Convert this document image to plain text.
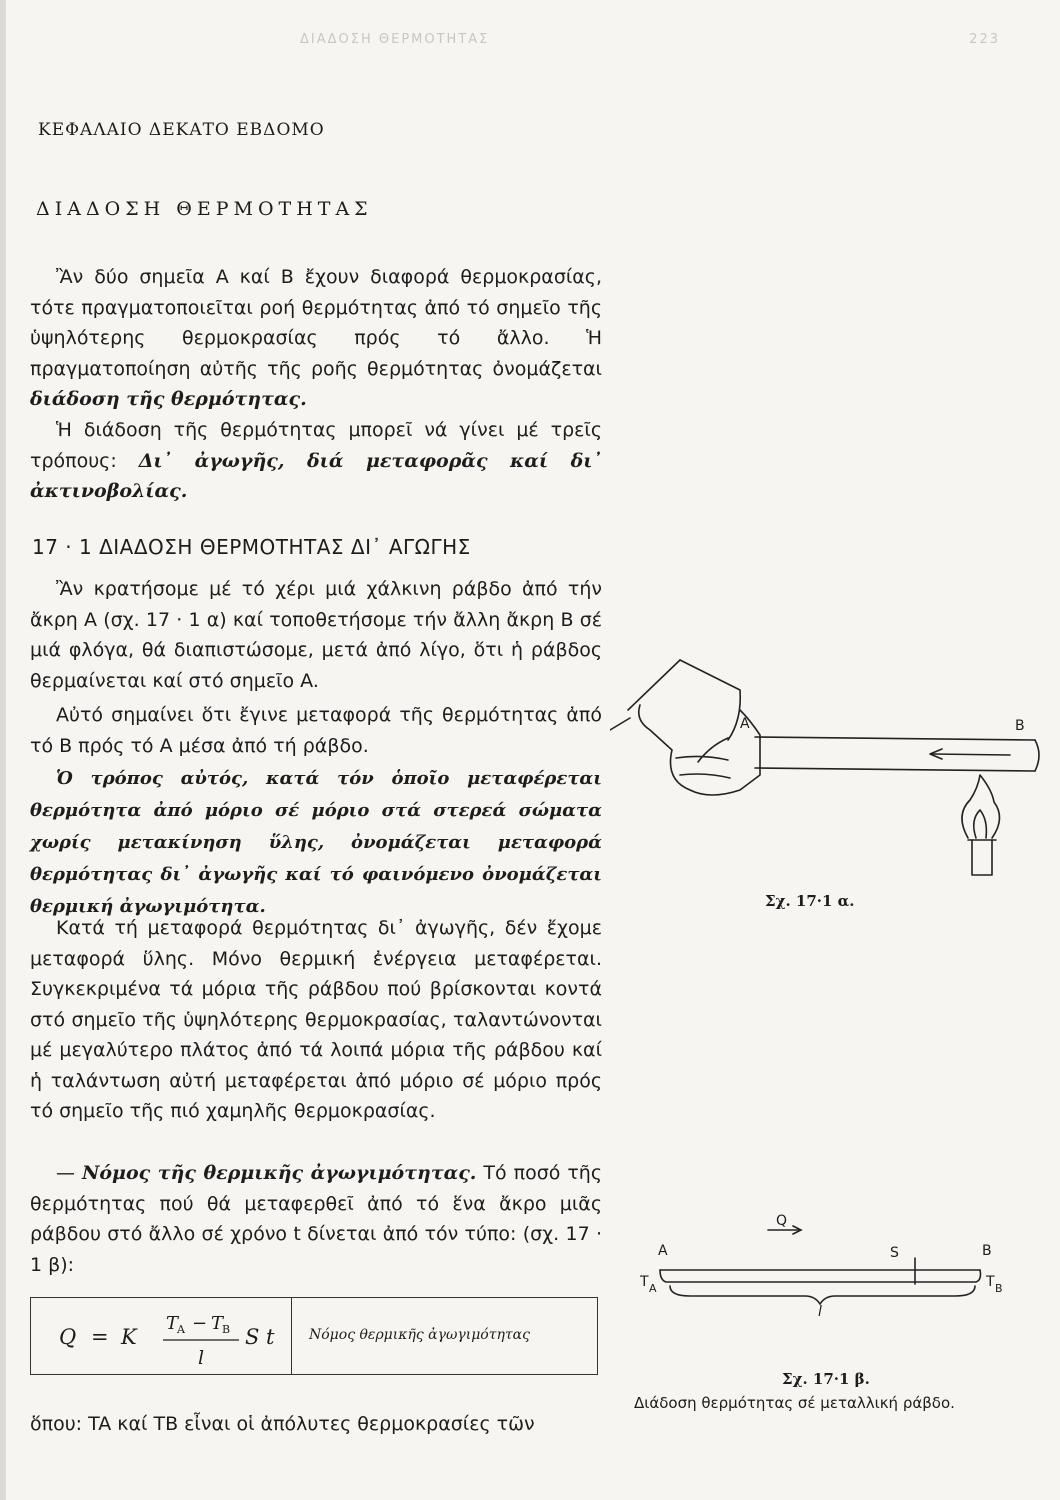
ΔΙΑΔΟΣΗ ΘΕΡΜΟΤΗΤΑΣ	223
ΚΕΦΑΛΑΙΟ ΔΕΚΑΤΟ ΕΒΔΟΜΟ
ΔΙΑΔΟΣΗ ΘΕΡΜΟΤΗΤΑΣ

Ἂν δύο σημεῖα A καί B ἔχουν διαφορά θερμοκρασίας, τότε πραγματοποιεῖται ροή θερμότητας ἀπό τό σημεῖο τῆς ὑψηλότερης θερμοκρασίας πρός τό ἄλλο. Ἡ πραγματοποίηση αὐτῆς τῆς ροῆς θερμότητας ὀνομάζεται διάδοση τῆς θερμότητας.

Ἡ διάδοση τῆς θερμότητας μπορεῖ νά γίνει μέ τρεῖς τρόπους: Δι᾿ ἀγωγῆς, διά μεταφορᾶς καί δι᾿ ἀκτινοβολίας.

17 · 1 ΔΙΑΔΟΣΗ ΘΕΡΜΟΤΗΤΑΣ ΔΙ᾿ ΑΓΩΓΗΣ

Ἂν κρατήσομε μέ τό χέρι μιά χάλκινη ράβδο ἀπό τήν ἄκρη A (σχ. 17 · 1 α) καί τοποθετήσομε τήν ἄλλη ἄκρη B σέ μιά φλόγα, θά διαπιστώσομε, μετά ἀπό λίγο, ὅτι ἡ ράβδος θερμαίνεται καί στό σημεῖο A.

Αὐτό σημαίνει ὅτι ἔγινε μεταφορά τῆς θερμότητας ἀπό τό B πρός τό A μέσα ἀπό τή ράβδο.

Ὁ τρόπος αὐτός, κατά τόν ὁποῖο μεταφέρεται θερμότητα ἀπό μόριο σέ μόριο στά στερεά σώματα χωρίς μετακίνηση ὕλης, ὀνομάζεται μεταφορά θερμότητας δι᾿ ἀγωγῆς καί τό φαινόμενο ὀνομάζεται θερμική ἀγωγιμότητα.

Κατά τή μεταφορά θερμότητας δι᾿ ἀγωγῆς, δέν ἔχομε μεταφορά ὕλης. Μόνο θερμική ἐνέργεια μεταφέρεται. Συγκεκριμένα τά μόρια τῆς ράβδου πού βρίσκονται κοντά στό σημεῖο τῆς ὑψηλότερης θερμοκρασίας, ταλαντώνονται μέ μεγαλύτερο πλάτος ἀπό τά λοιπά μόρια τῆς ράβδου καί ἡ ταλάντωση αὐτή μεταφέρεται ἀπό μόριο σέ μόριο πρός τό σημεῖο τῆς πιό χαμηλῆς θερμοκρασίας.

— Νόμος τῆς θερμικῆς ἀγωγιμότητας. Τό ποσό τῆς θερμότητας πού θά μεταφερθεῖ ἀπό τό ἕνα ἄκρο μιᾶς ράβδου στό ἄλλο σέ χρόνο t δίνεται ἀπό τόν τύπο: (σχ. 17 · 1 β):

Q = K
T
A − T
B
l
S t Νόμος θερμικῆς ἀγωγιμότητας

ὅπου: TA καί TB εἶναι οἱ ἀπόλυτες θερμοκρασίες τῶν

A	B
Σχ. 17·1 α.
Q
A	S	B
T A	T B
l
Σχ. 17·1 β.
Διάδοση θερμότητας σέ μεταλλική ράβδο.
